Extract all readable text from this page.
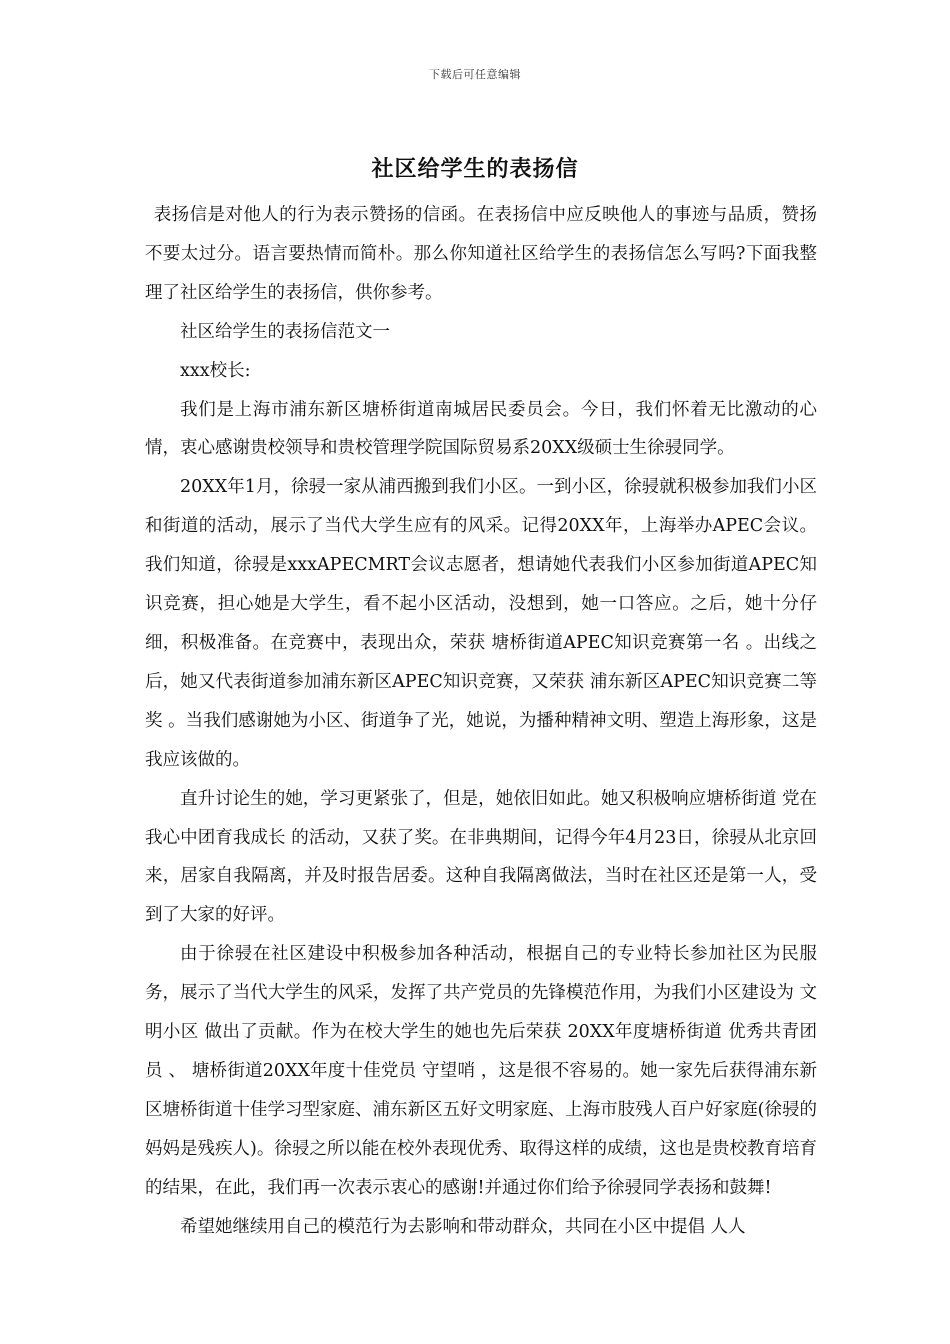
下载后可任意编辑
社区给学生的表扬信

表扬信是对他人的行为表示赞扬的信函。在表扬信中应反映他人的事迹与品质，赞扬不要太过分。语言要热情而简朴。那么你知道社区给学生的表扬信怎么写吗?下面我整理了社区给学生的表扬信，供你参考。

社区给学生的表扬信范文一

xxx校长:

我们是上海市浦东新区塘桥街道南城居民委员会。今日，我们怀着无比激动的心情，衷心感谢贵校领导和贵校管理学院国际贸易系20XX级硕士生徐骎同学。

20XX年1月，徐骎一家从浦西搬到我们小区。一到小区，徐骎就积极参加我们小区和街道的活动，展示了当代大学生应有的风采。记得20XX年，上海举办APEC会议。我们知道，徐骎是xxxAPECMRT会议志愿者，想请她代表我们小区参加街道APEC知识竞赛，担心她是大学生，看不起小区活动，没想到，她一口答应。之后，她十分仔细，积极准备。在竞赛中，表现出众，荣获 塘桥街道APEC知识竞赛第一名 。出线之后，她又代表街道参加浦东新区APEC知识竞赛，又荣获 浦东新区APEC知识竞赛二等奖 。当我们感谢她为小区、街道争了光，她说，为播种精神文明、塑造上海形象，这是我应该做的。

直升讨论生的她，学习更紧张了，但是，她依旧如此。她又积极响应塘桥街道 党在我心中团育我成长 的活动，又获了奖。在非典期间，记得今年4月23日，徐骎从北京回来，居家自我隔离，并及时报告居委。这种自我隔离做法，当时在社区还是第一人，受到了大家的好评。

由于徐骎在社区建设中积极参加各种活动，根据自己的专业特长参加社区为民服务，展示了当代大学生的风采，发挥了共产党员的先锋模范作用，为我们小区建设为 文明小区 做出了贡献。作为在校大学生的她也先后荣获 20XX年度塘桥街道 优秀共青团员 、 塘桥街道20XX年度十佳党员 守望哨 ，这是很不容易的。她一家先后获得浦东新区塘桥街道十佳学习型家庭、浦东新区五好文明家庭、上海市肢残人百户好家庭(徐骎的妈妈是残疾人)。徐骎之所以能在校外表现优秀、取得这样的成绩，这也是贵校教育培育的结果，在此，我们再一次表示衷心的感谢!并通过你们给予徐骎同学表扬和鼓舞!

希望她继续用自己的模范行为去影响和带动群众，共同在小区中提倡 人人
